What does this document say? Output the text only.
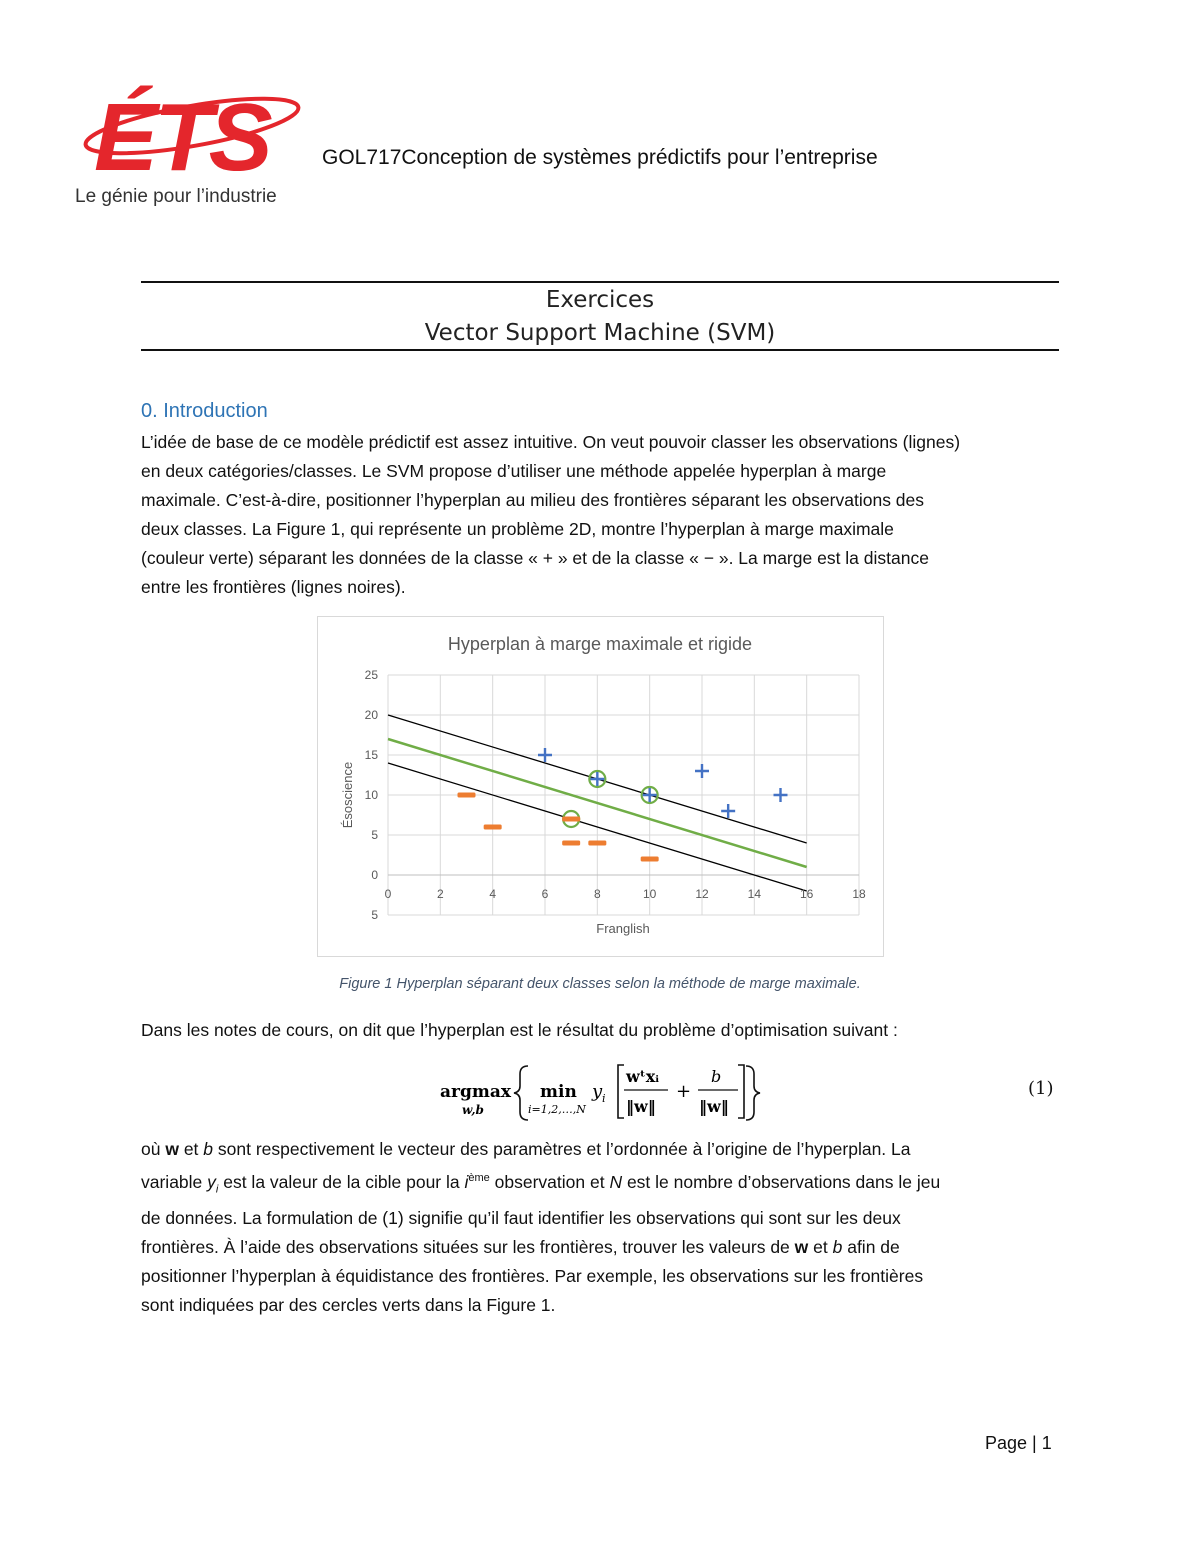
ÉTS
Le génie pour l’industrie
GOL717Conception de systèmes prédictifs pour l’entreprise
Exercices
Vector Support Machine (SVM)
0. Introduction

L’idée de base de ce modèle prédictif est assez intuitive. On veut pouvoir classer les observations (lignes)

en deux catégories/classes. Le SVM propose d’utiliser une méthode appelée hyperplan à marge

maximale. C’est-à-dire, positionner l’hyperplan au milieu des frontières séparant les observations des

deux classes. La Figure 1, qui représente un problème 2D, montre l’hyperplan à marge maximale

(couleur verte) séparant les données de la classe « + » et de la classe « − ». La marge est la distance

entre les frontières (lignes noires).

Hyperplan à marge maximale et rigide
0	2	4	6	8	10	12	14	16	18
5
0
5
10
15
20
25
Franglish
Ésoscience
Figure 1 Hyperplan séparant deux classes selon la méthode de marge maximale.

Dans les notes de cours, on dit que l’hyperplan est le résultat du problème d’optimisation suivant :

argmax
w,b
min
i=1,2,…,N
y i
wᵗxᵢ
‖w‖
+
b
‖w‖
(1)

où w et b sont respectivement le vecteur des paramètres et l’ordonnée à l’origine de l’hyperplan. La

variable $y_i$ est la valeur de la cible pour la $i^{ème}$ observation et N est le nombre d’observations dans le jeu

de données. La formulation de (1) signifie qu’il faut identifier les observations qui sont sur les deux

frontières. À l’aide des observations situées sur les frontières, trouver les valeurs de w et b afin de

positionner l’hyperplan à équidistance des frontières. Par exemple, les observations sur les frontières

sont indiquées par des cercles verts dans la Figure 1.

Page | 1
